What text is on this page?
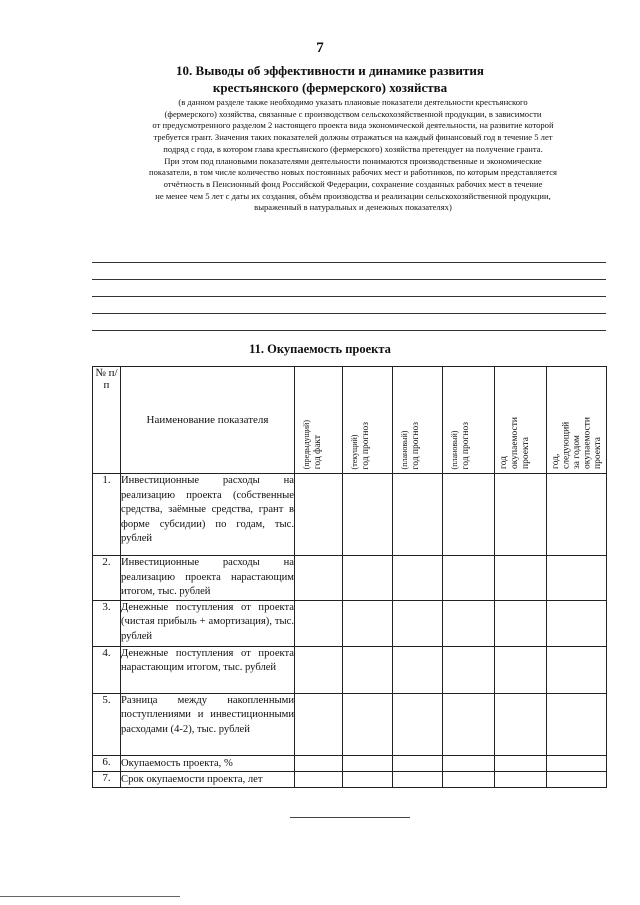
7
10. Выводы об эффективности и динамике развития
крестьянского (фермерского) хозяйства

(в данном разделе также необходимо указать плановые показатели деятельности крестьянского

(фермерского) хозяйства, связанные с производством сельскохозяйственной продукции, в зависимости

от предусмотренного разделом 2 настоящего проекта вида экономической деятельности, на развитие которой

требуется грант. Значения таких показателей должны отражаться на каждый финансовый год в течение 5 лет

подряд с года, в котором глава крестьянского (фермерского) хозяйства претендует на получение гранта.

При этом под плановыми показателями деятельности понимаются производственные и экономические

показатели, в том числе количество новых постоянных рабочих мест и работников, по которым представляется

отчётность в Пенсионный фонд Российской Федерации, сохранение созданных рабочих мест в течение

не менее чем 5 лет с даты их создания, объём производства и реализации сельскохозяйственной продукции,

выраженный в натуральных и денежных показателях)

11. Окупаемость проекта
№ п/п	Наименование показателя	(предыдущий) год факт	(текущий) год прогноз	(плановый) год прогноз	(плановый) год прогноз	год
окупаемости
проекта	год,
следующий
за годом
окупаемости
проекта

1.	Инвестиционные расходы на реализацию проекта (собственные средства, заёмные средства, грант в форме субсидии) по годам, тыс. рублей						
2.	Инвестиционные расходы на реализацию проекта нарастающим итогом, тыс. рублей						
3.	Денежные поступления от проекта (чистая прибыль + амортизация), тыс. рублей						
4.	Денежные поступления от проекта нарастающим итогом, тыс. рублей						
5.	Разница между накопленными поступлениями и инвестиционными расходами (4-2), тыс. рублей						
6.	Окупаемость проекта, %						
7.	Срок окупаемости проекта, лет						
